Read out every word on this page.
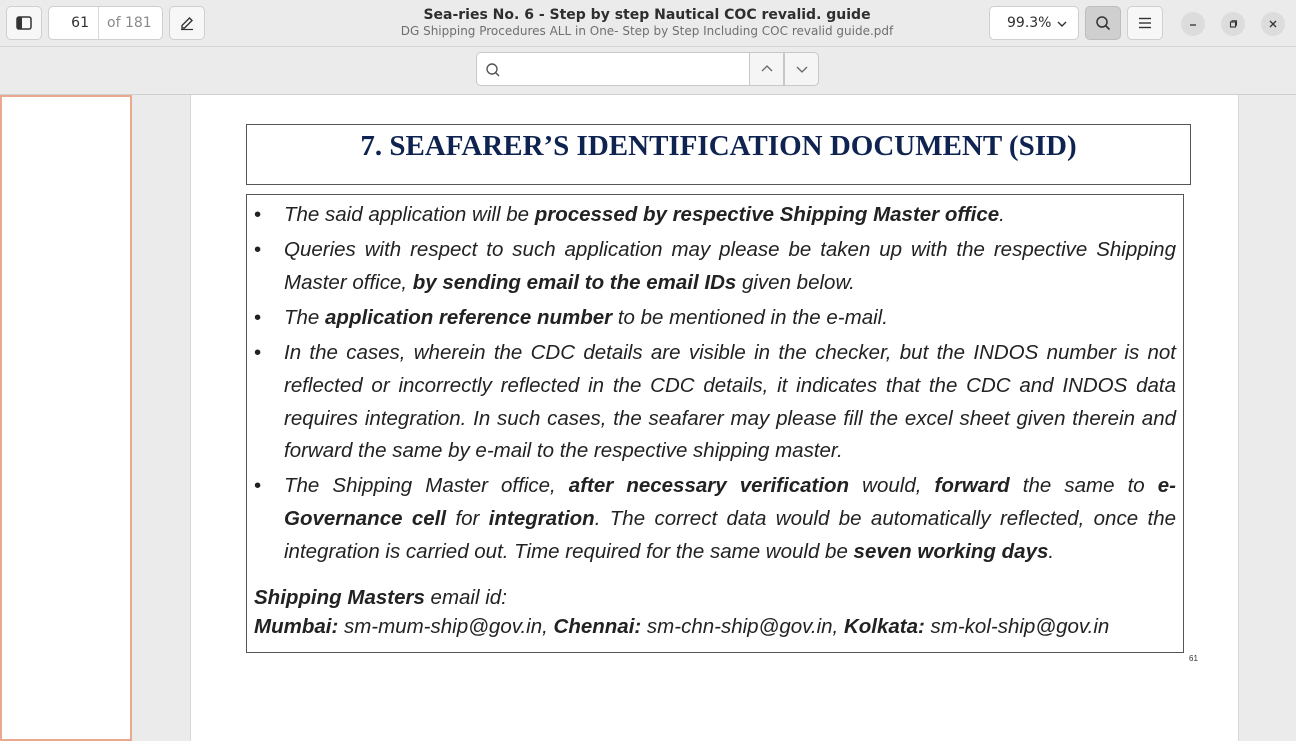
61	of 181	Sea-ries No. 6 - Step by step Nautical COC revalid. guide
DG Shipping Procedures ALL in One- Step by Step Including COC revalid guide.pdf	99.3%
7. SEAFARER’S IDENTIFICATION DOCUMENT (SID)
• The said application will be processed by respective Shipping Master office.
• Queries with respect to such application may please be taken up with the respective Shipping Master office, by sending email to the email IDs given below.
• The application reference number to be mentioned in the e-mail.
• In the cases, wherein the CDC details are visible in the checker, but the INDOS number is not reflected or incorrectly reflected in the CDC details, it indicates that the CDC and INDOS data requires integration. In such cases, the seafarer may please fill the excel sheet given therein and forward the same by e-mail to the respective shipping master.
• The Shipping Master office, after necessary verification would, forward the same to e-Governance cell for integration. The correct data would be automatically reflected, once the integration is carried out. Time required for the same would be seven working days.
Shipping Masters email id:
Mumbai: sm-mum-ship@gov.in, Chennai: sm-chn-ship@gov.in, Kolkata: sm-kol-ship@gov.in
61
